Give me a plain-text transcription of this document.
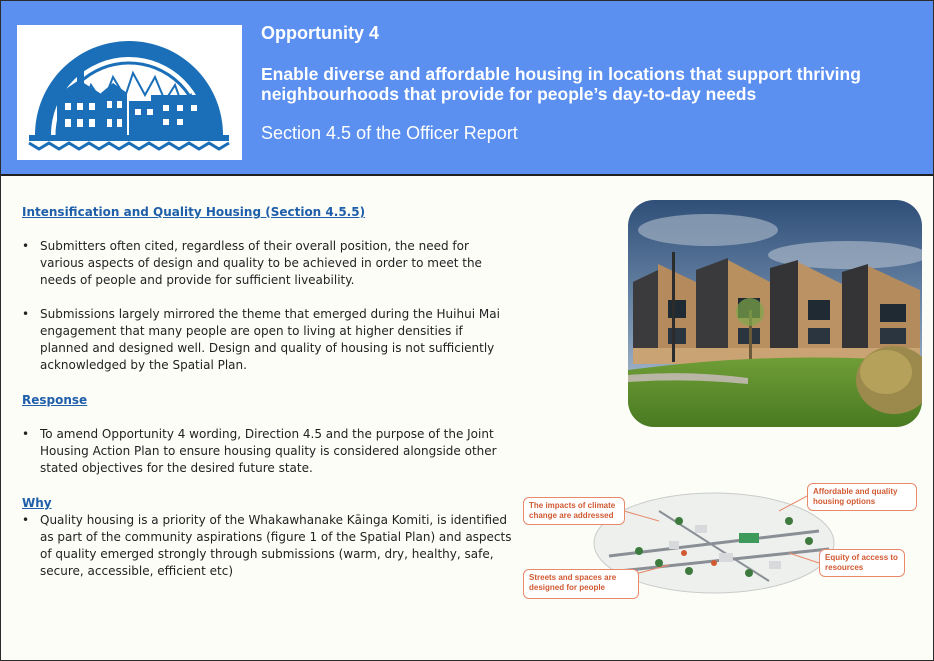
Opportunity 4
Enable diverse and affordable housing in locations that support thriving neighbourhoods that provide for people’s day-to-day needs
Section 4.5 of the Officer Report

Intensification and Quality Housing (Section 4.5.5)

• Submitters often cited, regardless of their overall position, the need for various aspects of design and quality to be achieved in order to meet the needs of people and provide for sufficient liveability.
• Submissions largely mirrored the theme that emerged during the Huihui Mai engagement that many people are open to living at higher densities if planned and designed well. Design and quality of housing is not sufficiently acknowledged by the Spatial Plan.

Response

• To amend Opportunity 4 wording, Direction 4.5 and the purpose of the Joint Housing Action Plan to ensure housing quality is considered alongside other stated objectives for the desired future state.

Why

• Quality housing is a priority of the Whakawhanake Kāinga Komiti, is identified as part of the community aspirations (figure 1 of the Spatial Plan) and aspects of quality emerged strongly through submissions (warm, dry, healthy, safe, secure, accessible, efficient etc)
The impacts of climate change are addressed
Affordable and quality housing options
Equity of access to resources
Streets and spaces are designed for people
